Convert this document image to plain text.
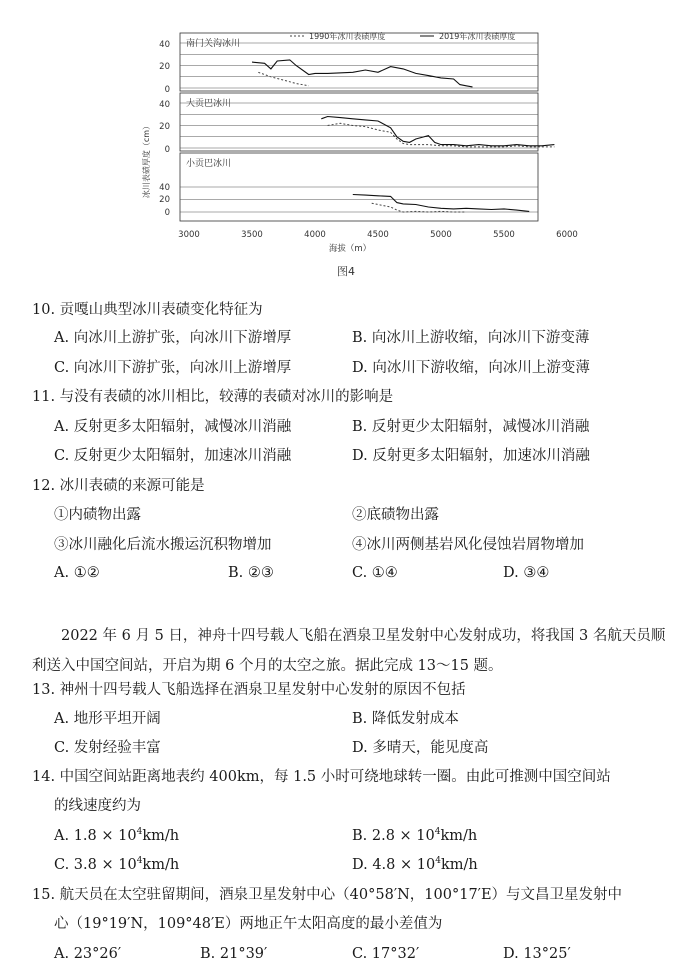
1990年冰川表碛厚度	2019年冰川表碛厚度
冰川表碛厚度（cm）
南门关沟冰川
40
20
0
大贡巴冰川
40
20
0
小贡巴冰川
40
20
0
3000	3500	4000	4500	5000	5500	6000
海拔（m）
图4
10. 贡嘎山典型冰川表碛变化特征为
A. 向冰川上游扩张，向冰川下游增厚	B. 向冰川上游收缩，向冰川下游变薄
C. 向冰川下游扩张，向冰川上游增厚	D. 向冰川下游收缩，向冰川上游变薄
11. 与没有表碛的冰川相比，较薄的表碛对冰川的影响是
A. 反射更多太阳辐射，减慢冰川消融	B. 反射更少太阳辐射，减慢冰川消融
C. 反射更少太阳辐射，加速冰川消融	D. 反射更多太阳辐射，加速冰川消融
12. 冰川表碛的来源可能是
①内碛物出露	②底碛物出露
③冰川融化后流水搬运沉积物增加	④冰川两侧基岩风化侵蚀岩屑物增加
A. ①②	B. ②③	C. ①④	D. ③④
2022 年 6 月 5 日，神舟十四号载人飞船在酒泉卫星发射中心发射成功，将我国 3 名航天员顺利送入中国空间站，开启为期 6 个月的太空之旅。据此完成 13～15 题。
13. 神州十四号载人飞船选择在酒泉卫星发射中心发射的原因不包括
A. 地形平坦开阔	B. 降低发射成本
C. 发射经验丰富	D. 多晴天，能见度高
14. 中国空间站距离地表约 400km，每 1.5 小时可绕地球转一圈。由此可推测中国空间站
的线速度约为
A. $1.8 \times 10^4km/h$	B. $2.8 \times 10^4km/h$
C. $3.8 \times 10^4km/h$	D. $4.8 \times 10^4km/h$
15. 航天员在太空驻留期间，酒泉卫星发射中心（40°58′N，100°17′E）与文昌卫星发射中
心（19°19′N，109°48′E）两地正午太阳高度的最小差值为
A. 23°26′	B. 21°39′	C. 17°32′	D. 13°25′
